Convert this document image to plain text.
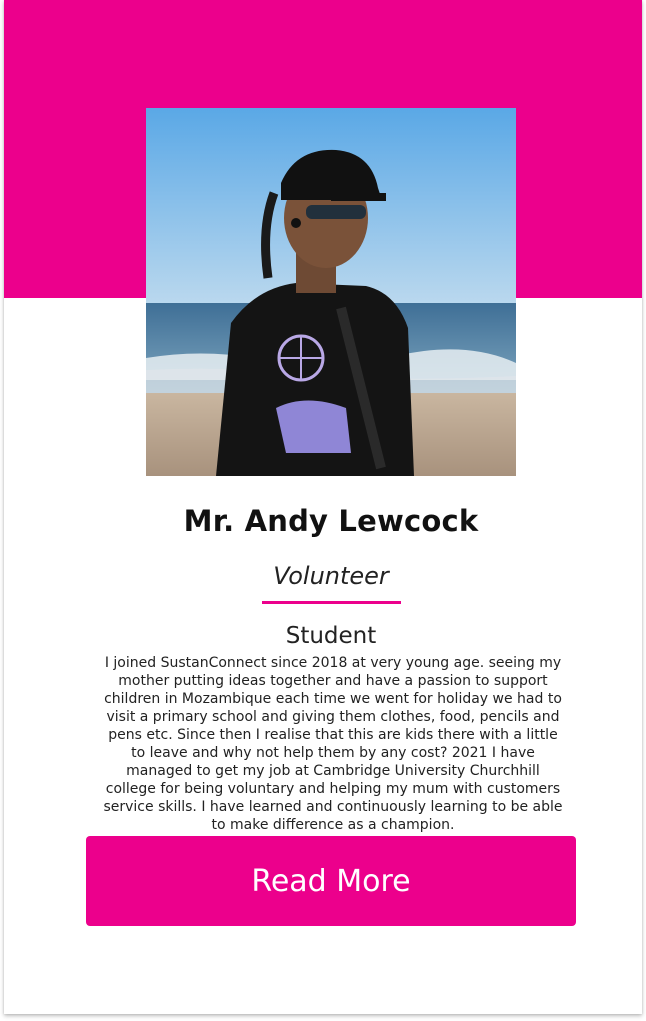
Mr. Andy Lewcock
Volunteer
Student
I joined SustanConnect since 2018 at very young age. seeing my mother putting ideas together and have a passion to support children in Mozambique each time we went for holiday we had to visit a primary school and giving them clothes, food, pencils and pens etc. Since then I realise that this are kids there with a little to leave and why not help them by any cost? 2021 I have managed to get my job at Cambridge University Churchhill college for being voluntary and helping my mum with customers service skills. I have learned and continuously learning to be able to make difference as a champion.
Read More
